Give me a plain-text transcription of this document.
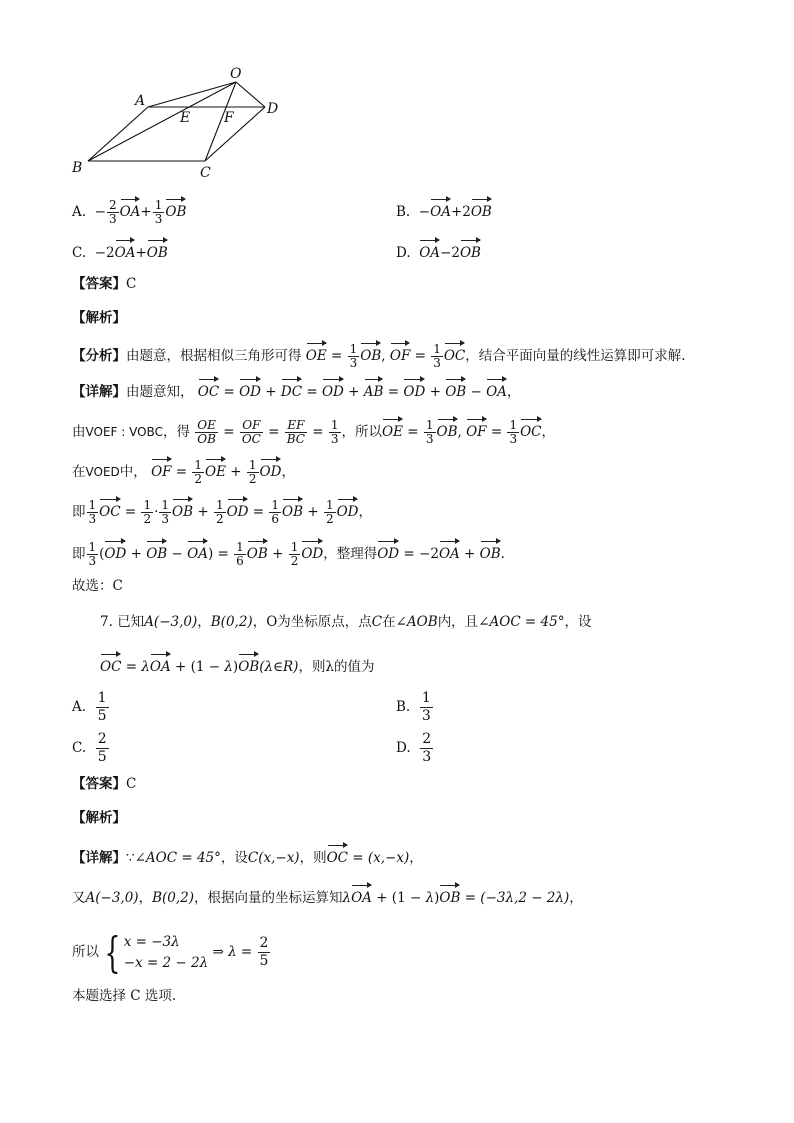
O
A	D
E F
B	C
A.  − $\frac{2}{3} OA+ \frac{1}{3}$ OB	B.  −OA+2OB
C. −2OA+OB	D. OA−2OB
【答案】C
【解析】
【分析】由题意，根据相似三角形可得 OE = $\frac{1}{3}$ OB, OF = $\frac{1}{3}$ OC，结合平面向量的线性运算即可求解.
【详解】由题意知， OC = OD + DC = OD + AB = OD + OB − OA，
由VOEF : VOBC，得 $\frac{OE}{OB} = \frac{OF}{OC} = \frac{EF}{BC} = \frac{1}{3}$ ，所以OE = $\frac{1}{3}$ OB, OF = $\frac{1}{3}$ OC，
在VOED中， OF = $\frac{1}{2}$ OE + $\frac{1}{2}$ OD，
即 $\frac{1}{3}$ OC = $\frac{1}{2} \cdot \frac{1}{3}$ OB + $\frac{1}{2}$ OD = $\frac{1}{6}$ OB + $\frac{1}{2}$ OD，
即 $\frac{1}{3} (OD$ + OB − $OA) = \frac{1}{6}$ OB + $\frac{1}{2}$ OD，整理得OD = −2OA + OB.
故选：C
7. 已知A(−3,0)，B(0,2)，O为坐标原点，点C在∠AOB内，且∠AOC = 45°，设
OC = λOA + (1 − λ)OB(λ∈R)，则λ的值为
A. $\frac{1}{5}$	B. $\frac{1}{3}$
C. $\frac{2}{5}$	D. $\frac{2}{3}$
【答案】C
【解析】
【详解】∵∠AOC = 45°，设C(x,−x)，则OC = (x,−x)，
又A(−3,0)，B(0,2)，根据向量的坐标运算知λOA + (1 − λ)OB = (−3λ,2 − 2λ)，
所以 { x = −3λ
−x = 2 − 2λ
⇒ $\lambda = \frac{2}{5}$
本题选择 C 选项.
